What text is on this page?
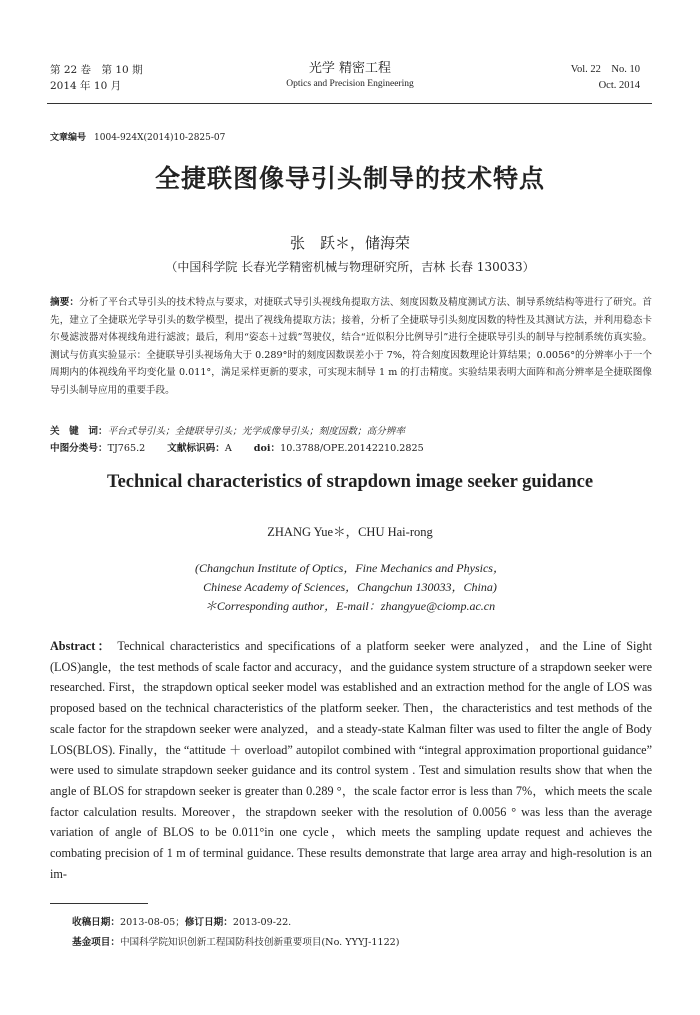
第 22 卷　第 10 期
2014 年 10 月
光学 精密工程
Optics and Precision Engineering
Vol. 22　No. 10
Oct. 2014
文章编号 1004-924X(2014)10-2825-07
全捷联图像导引头制导的技术特点
张　跃＊，储海荣
（中国科学院 长春光学精密机械与物理研究所，吉林 长春 130033）
摘要：分析了平台式导引头的技术特点与要求，对捷联式导引头视线角提取方法、刻度因数及精度测试方法、制导系统结构等进行了研究。首先，建立了全捷联光学导引头的数学模型，提出了视线角提取方法；接着，分析了全捷联导引头刻度因数的特性及其测试方法，并利用稳态卡尔曼滤波器对体视线角进行滤波；最后，利用“姿态＋过载”驾驶仪，结合“近似积分比例导引”进行全捷联导引头的制导与控制系统仿真实验。测试与仿真实验显示：全捷联导引头视场角大于 0.289°时的刻度因数误差小于 7%，符合刻度因数理论计算结果；0.0056°的分辨率小于一个周期内的体视线角平均变化量 0.011°，满足采样更新的要求，可实现末制导 1 m 的打击精度。实验结果表明大面阵和高分辨率是全捷联图像导引头制导应用的重要手段。
关　键　词：平台式导引头；全捷联导引头；光学成像导引头；刻度因数；高分辨率
中图分类号：TJ765.2 文献标识码：A doi：10.3788/OPE.20142210.2825
Technical characteristics of strapdown image seeker guidance
ZHANG Yue＊，CHU Hai-rong
(Changchun Institute of Optics，Fine Mechanics and Physics，
Chinese Academy of Sciences，Changchun 130033，China)
＊Corresponding author，E-mail：zhangyue@ciomp.ac.cn
Abstract： Technical characteristics and specifications of a platform seeker were analyzed，and the Line of Sight (LOS)angle，the test methods of scale factor and accuracy，and the guidance system structure of a strapdown seeker were researched. First，the strapdown optical seeker model was established and an extraction method for the angle of LOS was proposed based on the technical characteristics of the platform seeker. Then，the characteristics and test methods of the scale factor for the strapdown seeker were analyzed，and a steady-state Kalman filter was used to filter the angle of Body LOS(BLOS). Finally，the “attitude ＋ overload” autopilot combined with “integral approximation proportional guidance” were used to simulate strapdown seeker guidance and its control system . Test and simulation results show that when the angle of BLOS for strapdown seeker is greater than 0.289 °，the scale factor error is less than 7%，which meets the scale factor calculation results. Moreover，the strapdown seeker with the resolution of 0.0056 ° was less than the average variation of angle of BLOS to be 0.011°in one cycle，which meets the sampling update request and achieves the combating precision of 1 m of terminal guidance. These results demonstrate that large area array and high-resolution is an im-
收稿日期：2013-08-05；修订日期：2013-09-22.
基金项目：中国科学院知识创新工程国防科技创新重要项目(No. YYYJ-1122)
